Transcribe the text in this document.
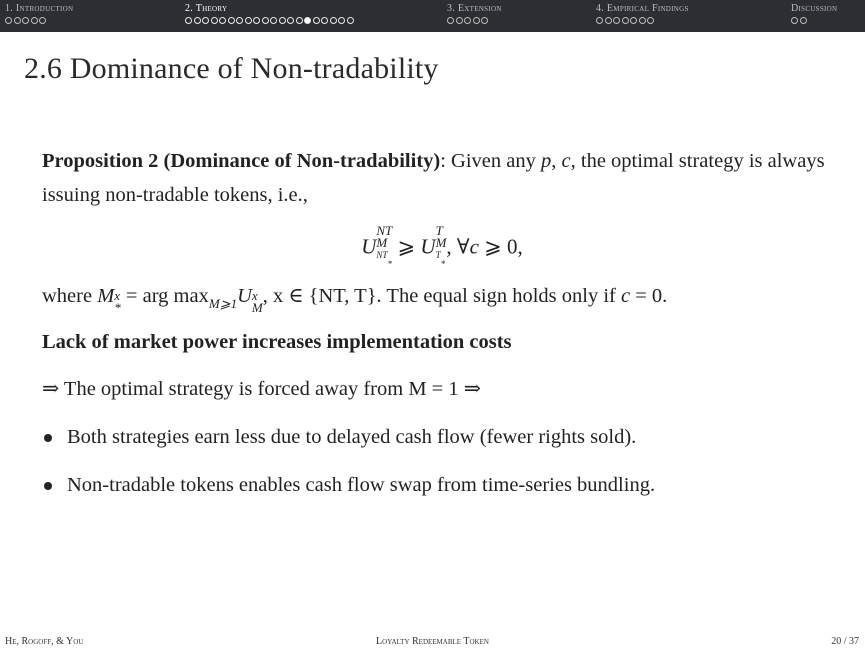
1. Introduction	2. Theory	3. Extension	4. Empirical Findings	Discussion
2.6 Dominance of Non-tradability

Proposition 2 (Dominance of Non-tradability): Given any p, c, the optimal strategy is always issuing non-tradable tokens, i.e.,

U
NT
M
$^{NT}_*$
⩾ U
T
M
$^T_*$
, ∀c ⩾ 0,

where M x
*
= arg $\max_{M⩾1}U$ x
M
, x ∈ {NT, T}. The equal sign holds only if c = 0.

Lack of market power increases implementation costs

⇒ The optimal strategy is forced away from M = 1 ⇒

Both strategies earn less due to delayed cash flow (fewer rights sold).
Non-tradable tokens enables cash flow swap from time-series bundling.
He, Rogoff, & You	Loyalty Redeemable Token	20 / 37
